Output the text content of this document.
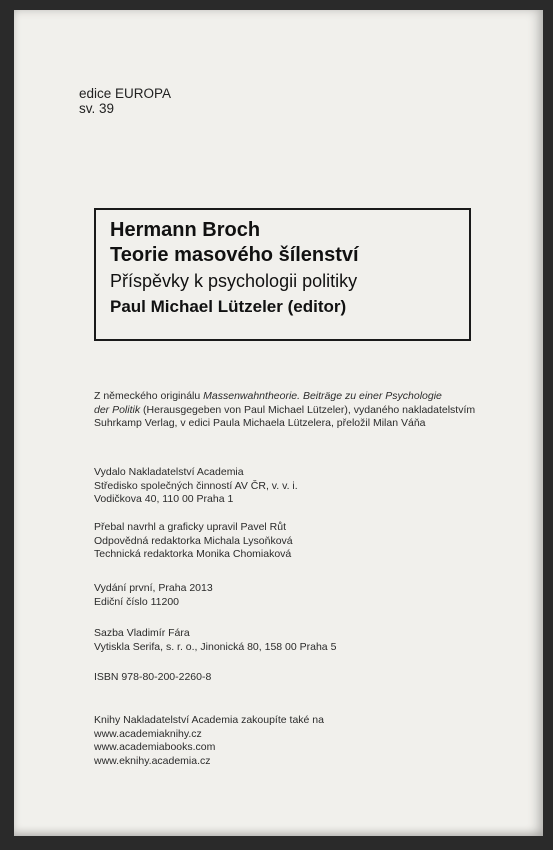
edice EUROPA
sv. 39
Hermann Broch
Teorie masového šílenství
Příspěvky k psychologii politiky
Paul Michael Lützeler (editor)
Z německého originálu Massenwahntheorie. Beiträge zu einer Psychologie
der Politik (Herausgegeben von Paul Michael Lützeler), vydaného nakladatelstvím
Suhrkamp Verlag, v edici Paula Michaela Lützelera, přeložil Milan Váňa
Vydalo Nakladatelství Academia
Středisko společných činností AV ČR, v. v. i.
Vodičkova 40, 110 00 Praha 1
Přebal navrhl a graficky upravil Pavel Růt
Odpovědná redaktorka Michala Lysoňková
Technická redaktorka Monika Chomiaková
Vydání první, Praha 2013
Ediční číslo 11200
Sazba Vladimír Fára
Vytiskla Serifa, s. r. o., Jinonická 80, 158 00 Praha 5
ISBN 978-80-200-2260-8
Knihy Nakladatelství Academia zakoupíte také na
www.academiaknihy.cz
www.academiabooks.com
www.eknihy.academia.cz
